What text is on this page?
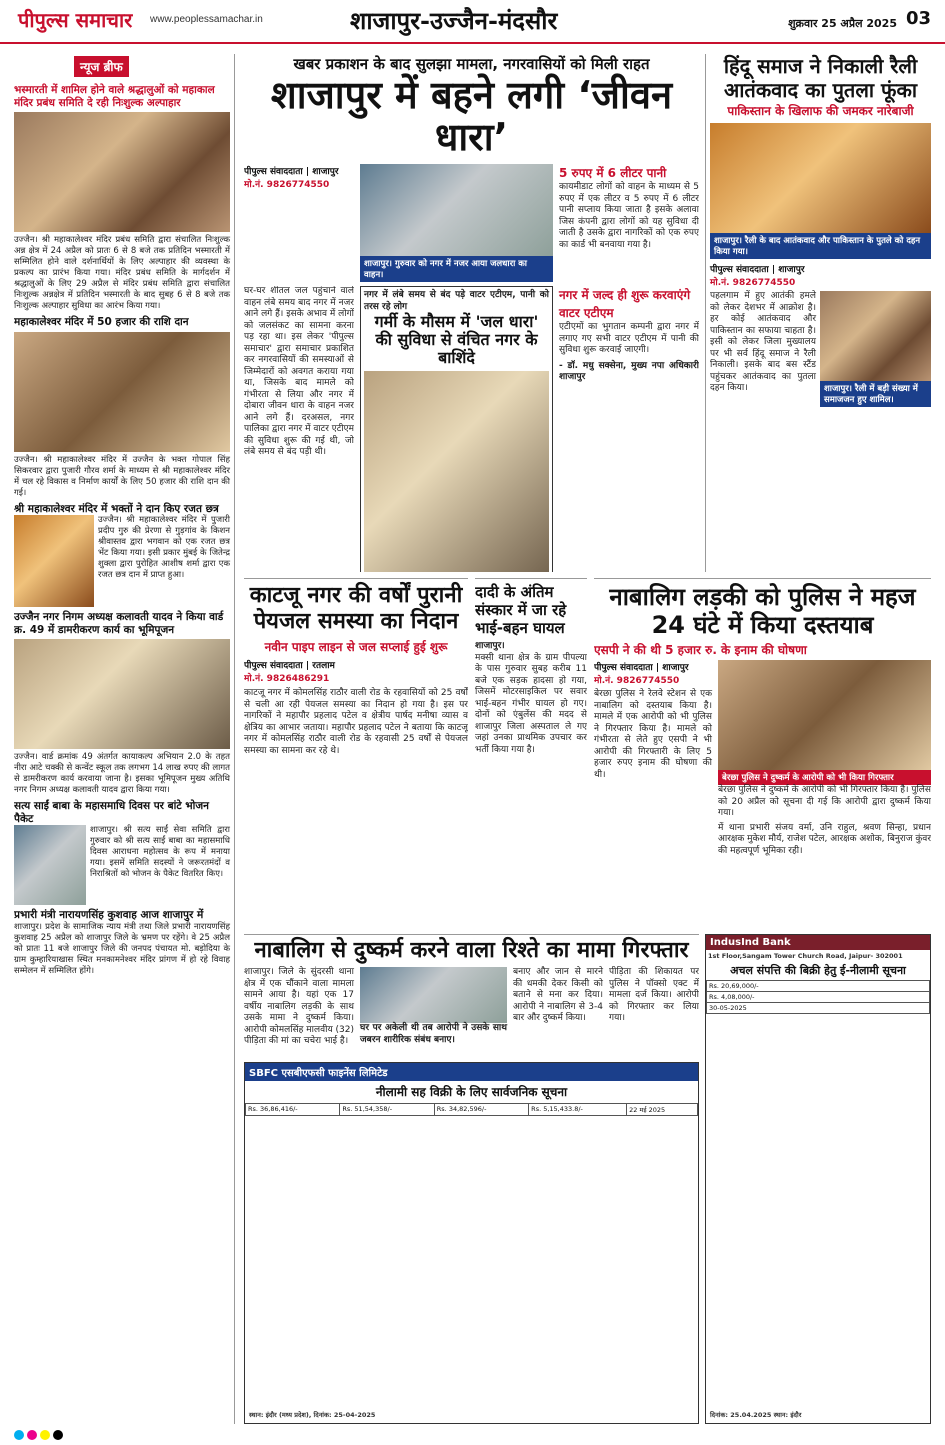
पीपुल्स समाचार www.peoplessamachar.in	शाजापुर-उज्जैन-मंदसौर	शुक्रवार 25 अप्रैल 2025 03
न्यूज ब्रीफ
भस्मारती में शामिल होने वाले श्रद्धालुओं को महाकाल मंदिर प्रबंध समिति दे रही निःशुल्क अल्पाहार
उज्जैन। श्री महाकालेश्वर मंदिर प्रबंध समिति द्वारा संचालित निःशुल्क अन्न क्षेत्र में 24 अप्रैल को प्रातः 6 से 8 बजे तक प्रतिदिन भस्मारती में सम्मिलित होने वाले दर्शनार्थियों के लिए अल्पाहार की व्यवस्था के प्रकल्प का प्रारंभ किया गया। मंदिर प्रबंध समिति के मार्गदर्शन में श्रद्धालुओं के लिए 29 अप्रैल से मंदिर प्रबंध समिति द्वारा संचालित निःशुल्क अन्नक्षेत्र में प्रतिदिन भस्मारती के बाद सुबह 6 से 8 बजे तक निःशुल्क अल्पाहार सुविधा का आरंभ किया गया।
महाकालेश्वर मंदिर में 50 हजार की राशि दान
उज्जैन। श्री महाकालेश्वर मंदिर में उज्जैन के भक्त गोपाल सिंह सिकरवार द्वारा पुजारी गौरव शर्मा के माध्यम से श्री महाकालेश्वर मंदिर में चल रहे विकास व निर्माण कार्यों के लिए 50 हजार की राशि दान की गई।
श्री महाकालेश्वर मंदिर में भक्तों ने दान किए रजत छत्र
उज्जैन। श्री महाकालेश्वर मंदिर में पुजारी प्रदीप गुरु की प्रेरणा से गुड़गांव के किशन श्रीवास्तव द्वारा भगवान को एक रजत छत्र भेंट किया गया। इसी प्रकार मुंबई के जितेन्द्र शुक्ला द्वारा पुरोहित आशीष शर्मा द्वारा एक रजत छत्र दान में प्राप्त हुआ।
उज्जैन नगर निगम अध्यक्ष कलावती यादव ने किया वार्ड क्र. 49 में डामरीकरण कार्य का भूमिपूजन
उज्जैन। वार्ड क्रमांक 49 अंतर्गत कायाकल्प अभियान 2.0 के तहत नीरा आटे चक्की से कन्वेंट स्कूल तक लगभग 14 लाख रुपए की लागत से डामरीकरण कार्य करवाया जाना है। इसका भूमिपूजन मुख्य अतिथि नगर निगम अध्यक्ष कलावती यादव द्वारा किया गया।
सत्य साईं बाबा के महासमाधि दिवस पर बांटे भोजन पैकेट
शाजापुर। श्री सत्य साईं सेवा समिति द्वारा गुरुवार को श्री सत्य साईं बाबा का महासमाधि दिवस आराधना महोत्सव के रूप में मनाया गया। इसमें समिति सदस्यों ने जरूरतमंदों व निराश्रितों को भोजन के पैकेट वितरित किए।
प्रभारी मंत्री नारायणसिंह कुशवाह आज शाजापुर में
शाजापुर। प्रदेश के सामाजिक न्याय मंत्री तथा जिले प्रभारी नारायणसिंह कुशवाह 25 अप्रैल को शाजापुर जिले के भ्रमण पर रहेंगे। वे 25 अप्रैल को प्रातः 11 बजे शाजापुर जिले की जनपद पंचायत मो. बड़ोदिया के ग्राम कुम्हारियाखास स्थित मनकामनेश्वर मंदिर प्रांगण में हो रहे विवाह सम्मेलन में सम्मिलित होंगे।
खबर प्रकाशन के बाद सुलझा मामला, नगरवासियों को मिली राहत
शाजापुर में बहने लगी ‘जीवन धारा’
पीपुल्स संवाददाता | शाजापुर
मो.नं. 9826774550
शाजापुर। गुरुवार को नगर में नजर आया जलधारा का वाहन।
5 रुपए में 6 लीटर पानी
कायमीडाट लोगों को वाहन के माध्यम से 5 रुपए में एक लीटर व 5 रुपए में 6 लीटर पानी सप्लाय किया जाता है इसके अलावा जिस कंपनी द्वारा लोगों को यह सुविधा दी जाती है उसके द्वारा नागरिकों को एक रुपए का कार्ड भी बनवाया गया है।
घर-घर शीतल जल पहुंचाने वाले वाहन लंबे समय बाद नगर में नजर आने लगे हैं। इसके अभाव में लोगों को जलसंकट का सामना करना पड़ रहा था। इस लेकर 'पीपुल्स समाचार' द्वारा समाचार प्रकाशित कर नगरवासियों की समस्याओं से जिम्मेदारों को अवगत कराया गया था, जिसके बाद मामले को गंभीरता से लिया और नगर में दोबारा जीवन धारा के वाहन नजर आने लगे हैं। दरअसल, नगर पालिका द्वारा नगर में वाटर एटीएम की सुविधा शुरू की गई थी, जो लंबे समय से बंद पड़ी थी।
नगर में लंबे समय से बंद पड़े वाटर एटीएम, पानी को तरस रहे लोग
गर्मी के मौसम में 'जल धारा' की सुविधा से वंचित नगर के बाशिंदे
नगर में जल्द ही शुरू करवाएंगे वाटर एटीएम
एटीएमों का भुगतान कम्पनी द्वारा नगर में लगाए गए सभी वाटर एटीएम में पानी की सुविधा शुरू करवाई जाएगी।
- डॉ. मधु सक्सेना, मुख्य नपा अधिकारी शाजापुर
हिंदू समाज ने निकाली रैली आतंकवाद का पुतला फूंका
पाकिस्तान के खिलाफ की जमकर नारेबाजी
शाजापुर। रैली के बाद आतंकवाद और पाकिस्तान के पुतले को दहन किया गया।
पीपुल्स संवाददाता | शाजापुर
मो.नं. 9826774550
पहलगाम में हुए आतंकी हमले को लेकर देशभर में आक्रोश है। हर कोई आतंकवाद और पाकिस्तान का सफाया चाहता है। इसी को लेकर जिला मुख्यालय पर भी सर्व हिंदू समाज ने रैली निकाली। इसके बाद बस स्टैंड पहुंचकर आतंकवाद का पुतला दहन किया।	शाजापुर। रैली में बड़ी संख्या में समाजजन हुए शामिल।
काटजू नगर की वर्षों पुरानी पेयजल समस्या का निदान
नवीन पाइप लाइन से जल सप्लाई हुई शुरू
पीपुल्स संवाददाता | रतलाम
मो.नं. 9826486291
काटजू नगर में कोमलसिंह राठौर वाली रोड के रहवासियों को 25 वर्षों से चली आ रही पेयजल समस्या का निदान हो गया है। इस पर नागरिकों ने महापौर प्रहलाद पटेल व क्षेत्रीय पार्षद मनीषा व्यास व क्षेत्रिय का आभार जताया। महापौर प्रहलाद पटेल ने बताया कि काटजू नगर में कोमलसिंह राठौर वाली रोड के रहवासी 25 वर्षों से पेयजल समस्या का सामना कर रहे थे।
दादी के अंतिम संस्कार में जा रहे भाई-बहन घायल
शाजापुर।
मक्सी थाना क्षेत्र के ग्राम पीपल्या के पास गुरुवार सुबह करीब 11 बजे एक सड़क हादसा हो गया, जिसमें मोटरसाइकिल पर सवार भाई-बहन गंभीर घायल हो गए। दोनों को एंबुलेंस की मदद से शाजापुर जिला अस्पताल ले गए जहां उनका प्राथमिक उपचार कर भर्ती किया गया है।
नाबालिग लड़की को पुलिस ने महज 24 घंटे में किया दस्तयाब
एसपी ने की थी 5 हजार रु. के इनाम की घोषणा
पीपुल्स संवाददाता | शाजापुर
मो.नं. 9826774550
बेरछा पुलिस ने रेलवे स्टेशन से एक नाबालिग को दस्तयाब किया है। मामले में एक आरोपी को भी पुलिस ने गिरफ्तार किया है। मामले को गंभीरता से लेते हुए एसपी ने भी आरोपी की गिरफ्तारी के लिए 5 हजार रुपए इनाम की घोषणा की थी।	बेरछा पुलिस ने दुष्कर्म के आरोपी को भी किया गिरफ्तार
बेरछा पुलिस ने दुष्कर्म के आरोपी को भी गिरफ्तार किया है। पुलिस को 20 अप्रैल को सूचना दी गई कि आरोपी द्वारा दुष्कर्म किया गया।
में थाना प्रभारी संजय वर्मा, उनि राहुल, श्रवण सिन्हा, प्रधान आरक्षक मुकेश मौर्य, राजेश पटेल, आरक्षक अशोक, बिनुराज कुंवर की महत्वपूर्ण भूमिका रही।
नाबालिग से दुष्कर्म करने वाला रिश्ते का मामा गिरफ्तार
शाजापुर। जिले के सुंदरसी थाना क्षेत्र में एक चौंकाने वाला मामला सामने आया है। यहां एक 17 वर्षीय नाबालिग लड़की के साथ उसके मामा ने दुष्कर्म किया। आरोपी कोमलसिंह मालवीय (32) पीड़िता की मां का चचेरा भाई है।
घर पर अकेली थी तब आरोपी ने उसके साथ जबरन शारीरिक संबंध बनाए।
बनाए और जान से मारने की धमकी देकर किसी को बताने से मना कर दिया। आरोपी ने नाबालिग से 3-4 बार और दुष्कर्म किया।
पीड़िता की शिकायत पर पुलिस ने पॉक्सो एक्ट में मामला दर्ज किया। आरोपी को गिरफ्तार कर लिया गया।
SBFC एसबीएफसी फाइनेंस लिमिटेड
नीलामी सह विक्री के लिए सार्वजनिक सूचना
Rs. 36,86,416/-	Rs. 51,54,358/-	Rs. 34,82,596/-	Rs. 5,15,433.8/-	22 मई 2025
स्थान: इंदौर (मध्य प्रदेश), दिनांक: 25-04-2025
IndusInd Bank
1st Floor,Sangam Tower Church Road, Jaipur- 302001
अचल संपत्ति की बिक्री हेतु ई-नीलामी सूचना
Rs. 20,69,000/-
Rs. 4,08,000/-
30-05-2025
दिनांक: 25.04.2025 स्थान: इंदौर
